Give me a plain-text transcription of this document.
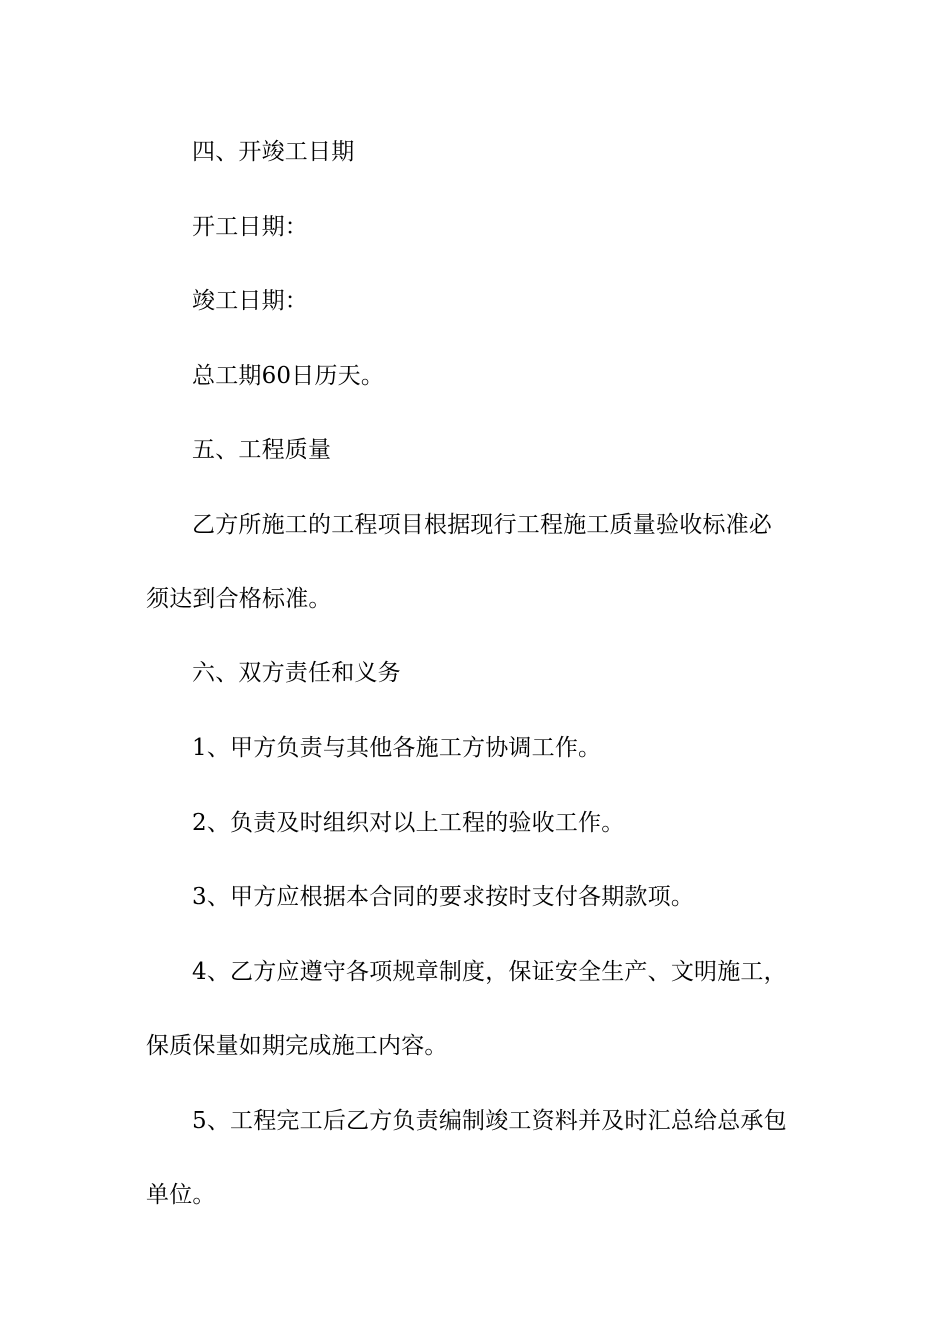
四、开竣工日期
开工日期：
竣工日期：
总工期60日历天。
五、工程质量
乙方所施工的工程项目根据现行工程施工质量验收标准必
须达到合格标准。
六、双方责任和义务
1、甲方负责与其他各施工方协调工作。
2、负责及时组织对以上工程的验收工作。
3、甲方应根据本合同的要求按时支付各期款项。
4、乙方应遵守各项规章制度，保证安全生产、文明施工，
保质保量如期完成施工内容。
5、工程完工后乙方负责编制竣工资料并及时汇总给总承包
单位。
